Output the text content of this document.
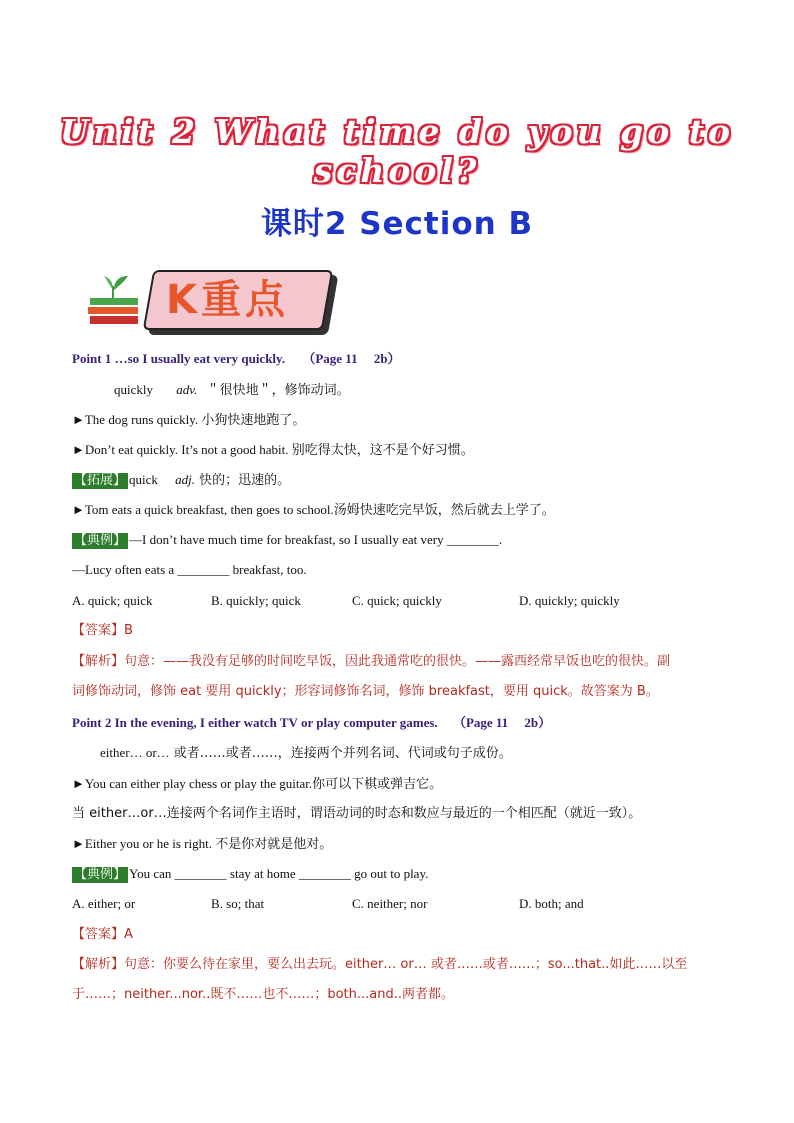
Unit 2 What time do you go to school?
课时2 Section B
K重点
Point 1 …so I usually eat very quickly. （Page 11　 2b）
quickly adv. ＂很快地＂，修饰动词。
►The dog runs quickly. 小狗快速地跑了。
►Don’t eat quickly. It’s not a good habit. 别吃得太快，这不是个好习惯。
【拓展】 quick adj. 快的；迅速的。
►Tom eats a quick breakfast, then goes to school.汤姆快速吃完早饭，然后就去上学了。
【典例】 —I don’t have much time for breakfast, so I usually eat very ________.
—Lucy often eats a ________ breakfast, too.
A. quick; quick	B. quickly; quick	C. quick; quickly	D. quickly; quickly
【答案】B
【解析】句意：——我没有足够的时间吃早饭，因此我通常吃的很快。——露西经常早饭也吃的很快。副
词修饰动词，修饰 eat 要用 quickly；形容词修饰名词，修饰 breakfast，要用 quick。故答案为 B。
Point 2 In the evening, I either watch TV or play computer games. （Page 11　 2b）
either… or… 或者……或者……，连接两个并列名词、代词或句子成份。
►You can either play chess or play the guitar.你可以下棋或弹吉它。
当 either…or…连接两个名词作主语时，谓语动词的时态和数应与最近的一个相匹配（就近一致）。
►Either you or he is right. 不是你对就是他对。
【典例】 You can ________ stay at home ________ go out to play.
A. either; or	B. so; that	C. neither; nor	D. both; and
【答案】A
【解析】句意：你要么待在家里，要么出去玩。either… or… 或者……或者……；so...that..如此……以至
于……；neither...nor..既不……也不……；both...and..两者都。
